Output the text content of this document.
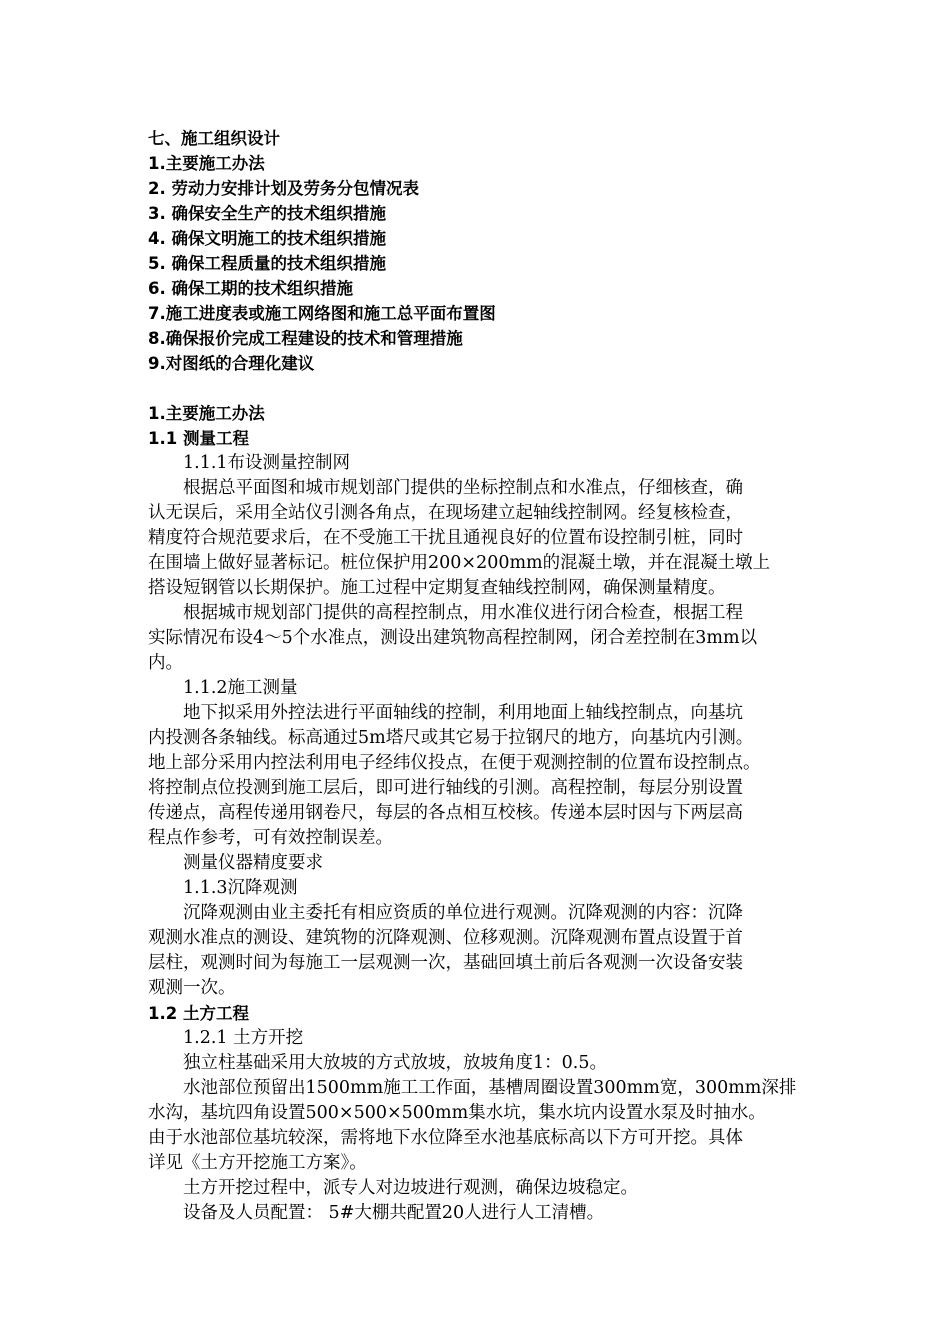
七、施工组织设计
1.主要施工办法
2. 劳动力安排计划及劳务分包情况表
3. 确保安全生产的技术组织措施
4. 确保文明施工的技术组织措施
5. 确保工程质量的技术组织措施
6. 确保工期的技术组织措施
7.施工进度表或施工网络图和施工总平面布置图
8.确保报价完成工程建设的技术和管理措施
9.对图纸的合理化建议
1.主要施工办法
1.1 测量工程
1.1.1布设测量控制网
根据总平面图和城市规划部门提供的坐标控制点和水准点，仔细核查，确
认无误后，采用全站仪引测各角点，在现场建立起轴线控制网。经复核检查，
精度符合规范要求后，在不受施工干扰且通视良好的位置布设控制引桩，同时
在围墙上做好显著标记。桩位保护用200×200mm的混凝土墩，并在混凝土墩上
搭设短钢管以长期保护。施工过程中定期复查轴线控制网，确保测量精度。
根据城市规划部门提供的高程控制点，用水准仪进行闭合检查，根据工程
实际情况布设4～5个水准点，测设出建筑物高程控制网，闭合差控制在3mm以
内。
1.1.2施工测量
地下拟采用外控法进行平面轴线的控制，利用地面上轴线控制点，向基坑
内投测各条轴线。标高通过5m塔尺或其它易于拉钢尺的地方，向基坑内引测。
地上部分采用内控法利用电子经纬仪投点，在便于观测控制的位置布设控制点。
将控制点位投测到施工层后，即可进行轴线的引测。高程控制，每层分别设置
传递点，高程传递用钢卷尺，每层的各点相互校核。传递本层时因与下两层高
程点作参考，可有效控制误差。
测量仪器精度要求
1.1.3沉降观测
沉降观测由业主委托有相应资质的单位进行观测。沉降观测的内容：沉降
观测水准点的测设、建筑物的沉降观测、位移观测。沉降观测布置点设置于首
层柱，观测时间为每施工一层观测一次，基础回填土前后各观测一次设备安装
观测一次。
1.2 土方工程
1.2.1 土方开挖
独立柱基础采用大放坡的方式放坡，放坡角度1：0.5。
水池部位预留出1500mm施工工作面，基槽周圈设置300mm宽，300mm深排
水沟，基坑四角设置500×500×500mm集水坑，集水坑内设置水泵及时抽水。
由于水池部位基坑较深，需将地下水位降至水池基底标高以下方可开挖。具体
详见《土方开挖施工方案》。
土方开挖过程中，派专人对边坡进行观测，确保边坡稳定。
设备及人员配置： 5#大棚共配置20人进行人工清槽。
